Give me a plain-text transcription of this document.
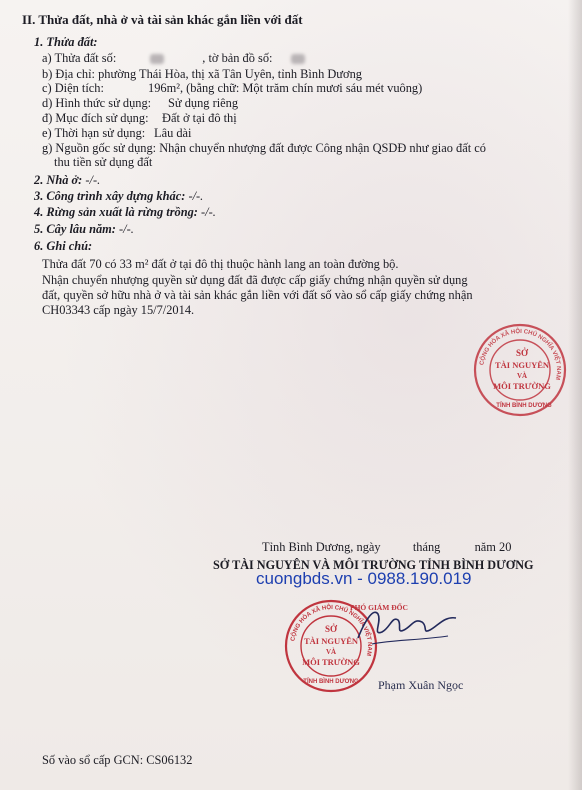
II. Thửa đất, nhà ở và tài sản khác gắn liền với đất
1. Thửa đất:
a) Thửa đất số:	, tờ bản đồ số:
b) Địa chỉ: phường Thái Hòa, thị xã Tân Uyên, tỉnh Bình Dương
c) Diện tích:	196m², (bằng chữ: Một trăm chín mươi sáu mét vuông)
d) Hình thức sử dụng: Sử dụng riêng
đ) Mục đích sử dụng: Đất ở tại đô thị
e) Thời hạn sử dụng: Lâu dài
g) Nguồn gốc sử dụng: Nhận chuyển nhượng đất được Công nhận QSDĐ như giao đất có
thu tiền sử dụng đất
2. Nhà ở: -/-.
3. Công trình xây dựng khác: -/-.
4. Rừng sản xuất là rừng trồng: -/-.
5. Cây lâu năm: -/-.
6. Ghi chú:
Thửa đất 70 có 33 m² đất ở tại đô thị thuộc hành lang an toàn đường bộ.
Nhận chuyển nhượng quyền sử dụng đất đã được cấp giấy chứng nhận quyền sử dụng
đất, quyền sở hữu nhà ở và tài sản khác gắn liền với đất số vào sổ cấp giấy chứng nhận
CH03343 cấp ngày 15/7/2014.
CỘNG HÒA XÃ HỘI CHỦ NGHĨA VIỆT NAM
SỞ
TÀI NGUYÊN
VÀ
MÔI TRƯỜNG
TỈNH BÌNH DƯƠNG
Tỉnh Bình Dương, ngày	tháng	năm 20
SỞ TÀI NGUYÊN VÀ MÔI TRƯỜNG TỈNH BÌNH DƯƠNG
cuongbds.vn - 0988.190.019
PHÓ GIÁM ĐỐC
CỘNG HÒA XÃ HỘI CHỦ NGHĨA VIỆT NAM
SỞ
TÀI NGUYÊN
VÀ
MÔI TRƯỜNG
TỈNH BÌNH DƯƠNG Phạm Xuân Ngọc
Số vào sổ cấp GCN: CS06132
